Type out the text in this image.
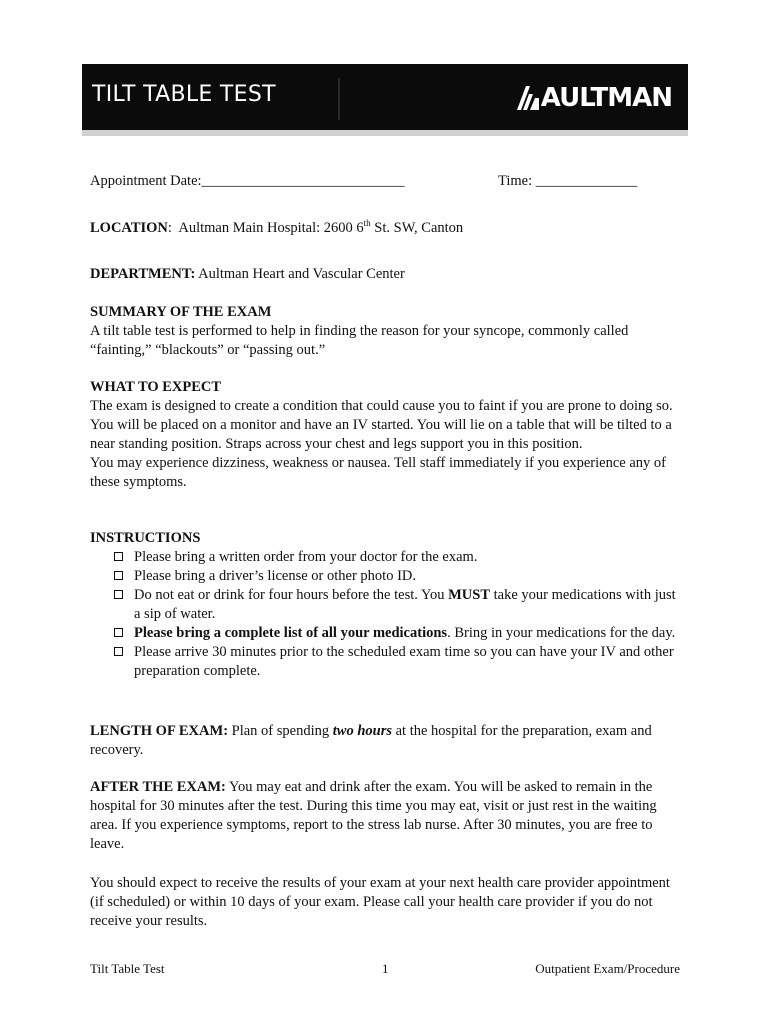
TILT TABLE TEST	AULTMAN
Appointment Date:____________________________	Time: ______________
LOCATION:  Aultman Main Hospital: 2600 6th St. SW, Canton
DEPARTMENT: Aultman Heart and Vascular Center
SUMMARY OF THE EXAM

A tilt table test is performed to help in finding the reason for your syncope, commonly called “fainting,” “blackouts” or “passing out.”

WHAT TO EXPECT

The exam is designed to create a condition that could cause you to faint if you are prone to doing so. You will be placed on a monitor and have an IV started. You will lie on a table that will be tilted to a near standing position. Straps across your chest and legs support you in this position.

You may experience dizziness, weakness or nausea. Tell staff immediately if you experience any of these symptoms.

INSTRUCTIONS
Please bring a written order from your doctor for the exam.
Please bring a driver’s license or other photo ID.
Do not eat or drink for four hours before the test. You MUST take your medications with just a sip of water.
Please bring a complete list of all your medications. Bring in your medications for the day.
Please arrive 30 minutes prior to the scheduled exam time so you can have your IV and other preparation complete.
LENGTH OF EXAM: Plan of spending two hours at the hospital for the preparation, exam and recovery.
AFTER THE EXAM: You may eat and drink after the exam. You will be asked to remain in the hospital for 30 minutes after the test. During this time you may eat, visit or just rest in the waiting area. If you experience symptoms, report to the stress lab nurse. After 30 minutes, you are free to leave.

You should expect to receive the results of your exam at your next health care provider appointment (if scheduled) or within 10 days of your exam. Please call your health care provider if you do not receive your results.

Tilt Table Test	1	Outpatient Exam/Procedure
